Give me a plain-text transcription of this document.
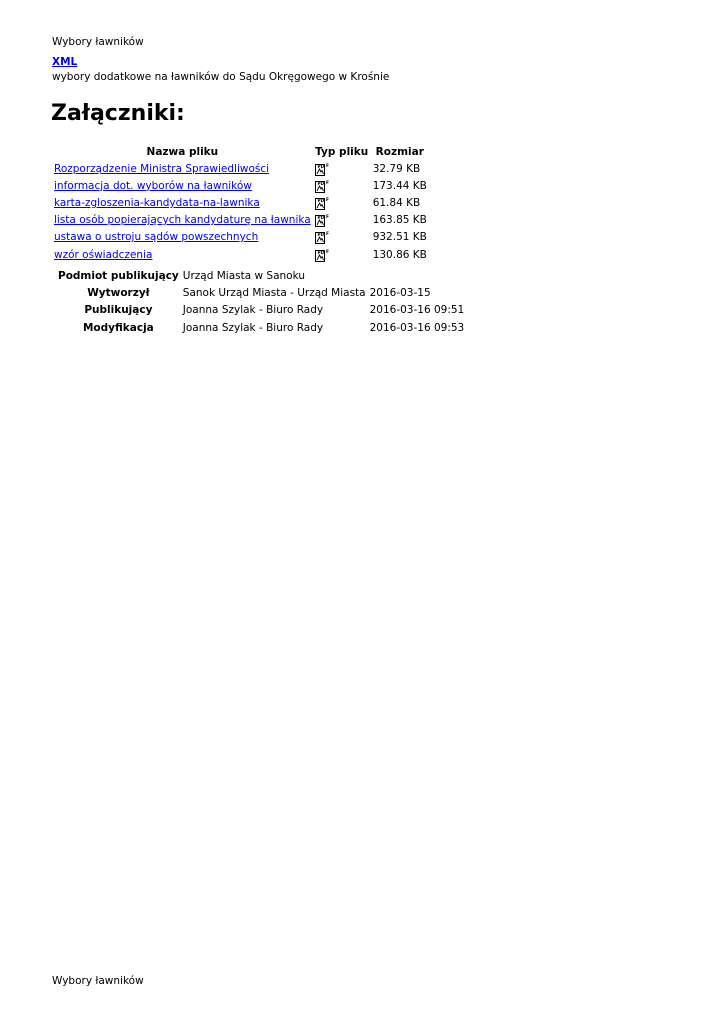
Wybory ławników
XML
wybory dodatkowe na ławników do Sądu Okręgowego w Krośnie
Załączniki:
Nazwa pliku	Typ pliku	Rozmiar
Rozporządzenie Ministra Sprawiedliwości	PD F	32.79 KB
informacja dot. wyborów na ławników	PD F	173.44 KB
karta-zgloszenia-kandydata-na-lawnika	PD F	61.84 KB
lista osób popierających kandydaturę na ławnika	PD F	163.85 KB
ustawa o ustroju sądów powszechnych	PD F	932.51 KB
wzór oświadczenia	PD F	130.86 KB
Podmiot publikujący	Urząd Miasta w Sanoku	
Wytworzył	Sanok Urząd Miasta - Urząd Miasta	2016-03-15
Publikujący	Joanna Szylak - Biuro Rady	2016-03-16 09:51
Modyfikacja	Joanna Szylak - Biuro Rady	2016-03-16 09:53
Wybory ławników
